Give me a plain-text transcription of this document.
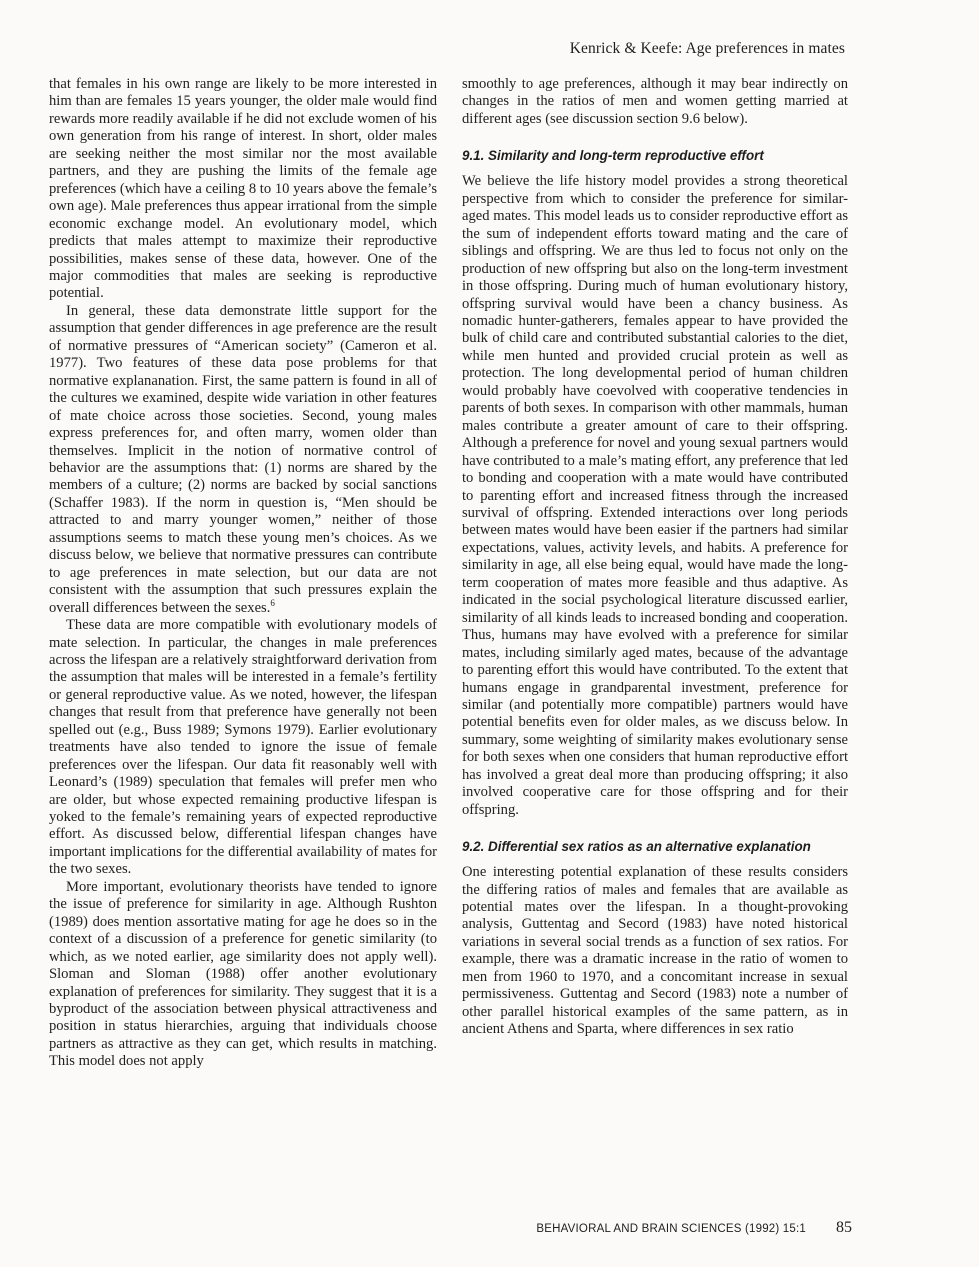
Kenrick & Keefe: Age preferences in mates

that females in his own range are likely to be more interested in him than are females 15 years younger, the older male would find rewards more readily available if he did not exclude women of his own generation from his range of interest. In short, older males are seeking neither the most similar nor the most available partners, and they are pushing the limits of the female age preferences (which have a ceiling 8 to 10 years above the female’s own age). Male preferences thus appear irrational from the simple economic exchange model. An evolutionary model, which predicts that males attempt to maximize their reproductive possibilities, makes sense of these data, however. One of the major commodities that males are seeking is reproductive potential.

In general, these data demonstrate little support for the assumption that gender differences in age preference are the result of normative pressures of “American society” (Cameron et al. 1977). Two features of these data pose problems for that normative explananation. First, the same pattern is found in all of the cultures we examined, despite wide variation in other features of mate choice across those societies. Second, young males express preferences for, and often marry, women older than themselves. Implicit in the notion of normative control of behavior are the assumptions that: (1) norms are shared by the members of a culture; (2) norms are backed by social sanctions (Schaffer 1983). If the norm in question is, “Men should be attracted to and marry younger women,” neither of those assumptions seems to match these young men’s choices. As we discuss below, we believe that normative pressures can contribute to age preferences in mate selection, but our data are not consistent with the assumption that such pressures explain the overall differences between the sexes.$^6$

These data are more compatible with evolutionary models of mate selection. In particular, the changes in male preferences across the lifespan are a relatively straightforward derivation from the assumption that males will be interested in a female’s fertility or general reproductive value. As we noted, however, the lifespan changes that result from that preference have generally not been spelled out (e.g., Buss 1989; Symons 1979). Earlier evolutionary treatments have also tended to ignore the issue of female preferences over the lifespan. Our data fit reasonably well with Leonard’s (1989) speculation that females will prefer men who are older, but whose expected remaining productive lifespan is yoked to the female’s remaining years of expected reproductive effort. As discussed below, differential lifespan changes have important implications for the differential availability of mates for the two sexes.

More important, evolutionary theorists have tended to ignore the issue of preference for similarity in age. Although Rushton (1989) does mention assortative mating for age he does so in the context of a discussion of a preference for genetic similarity (to which, as we noted earlier, age similarity does not apply well). Sloman and Sloman (1988) offer another evolutionary explanation of preferences for similarity. They suggest that it is a byproduct of the association between physical attractiveness and position in status hierarchies, arguing that individuals choose partners as attractive as they can get, which results in matching. This model does not apply

smoothly to age preferences, although it may bear indirectly on changes in the ratios of men and women getting married at different ages (see discussion section 9.6 below).

9.1. Similarity and long-term reproductive effort

We believe the life history model provides a strong theoretical perspective from which to consider the preference for similar-aged mates. This model leads us to consider reproductive effort as the sum of independent efforts toward mating and the care of siblings and offspring. We are thus led to focus not only on the production of new offspring but also on the long-term investment in those offspring. During much of human evolutionary history, offspring survival would have been a chancy business. As nomadic hunter-gatherers, females appear to have provided the bulk of child care and contributed substantial calories to the diet, while men hunted and provided crucial protein as well as protection. The long developmental period of human children would probably have coevolved with cooperative tendencies in parents of both sexes. In comparison with other mammals, human males contribute a greater amount of care to their offspring. Although a preference for novel and young sexual partners would have contributed to a male’s mating effort, any preference that led to bonding and cooperation with a mate would have contributed to parenting effort and increased fitness through the increased survival of offspring. Extended interactions over long periods between mates would have been easier if the partners had similar expectations, values, activity levels, and habits. A preference for similarity in age, all else being equal, would have made the long-term cooperation of mates more feasible and thus adaptive. As indicated in the social psychological literature discussed earlier, similarity of all kinds leads to increased bonding and cooperation. Thus, humans may have evolved with a preference for similar mates, including similarly aged mates, because of the advantage to parenting effort this would have contributed. To the extent that humans engage in grandparental investment, preference for similar (and potentially more compatible) partners would have potential benefits even for older males, as we discuss below. In summary, some weighting of similarity makes evolutionary sense for both sexes when one considers that human reproductive effort has involved a great deal more than producing offspring; it also involved cooperative care for those offspring and for their offspring.

9.2. Differential sex ratios as an alternative explanation

One interesting potential explanation of these results considers the differing ratios of males and females that are available as potential mates over the lifespan. In a thought-provoking analysis, Guttentag and Secord (1983) have noted historical variations in several social trends as a function of sex ratios. For example, there was a dramatic increase in the ratio of women to men from 1960 to 1970, and a concomitant increase in sexual permissiveness. Guttentag and Secord (1983) note a number of other parallel historical examples of the same pattern, as in ancient Athens and Sparta, where differences in sex ratio

BEHAVIORAL AND BRAIN SCIENCES (1992) 15:1 85
